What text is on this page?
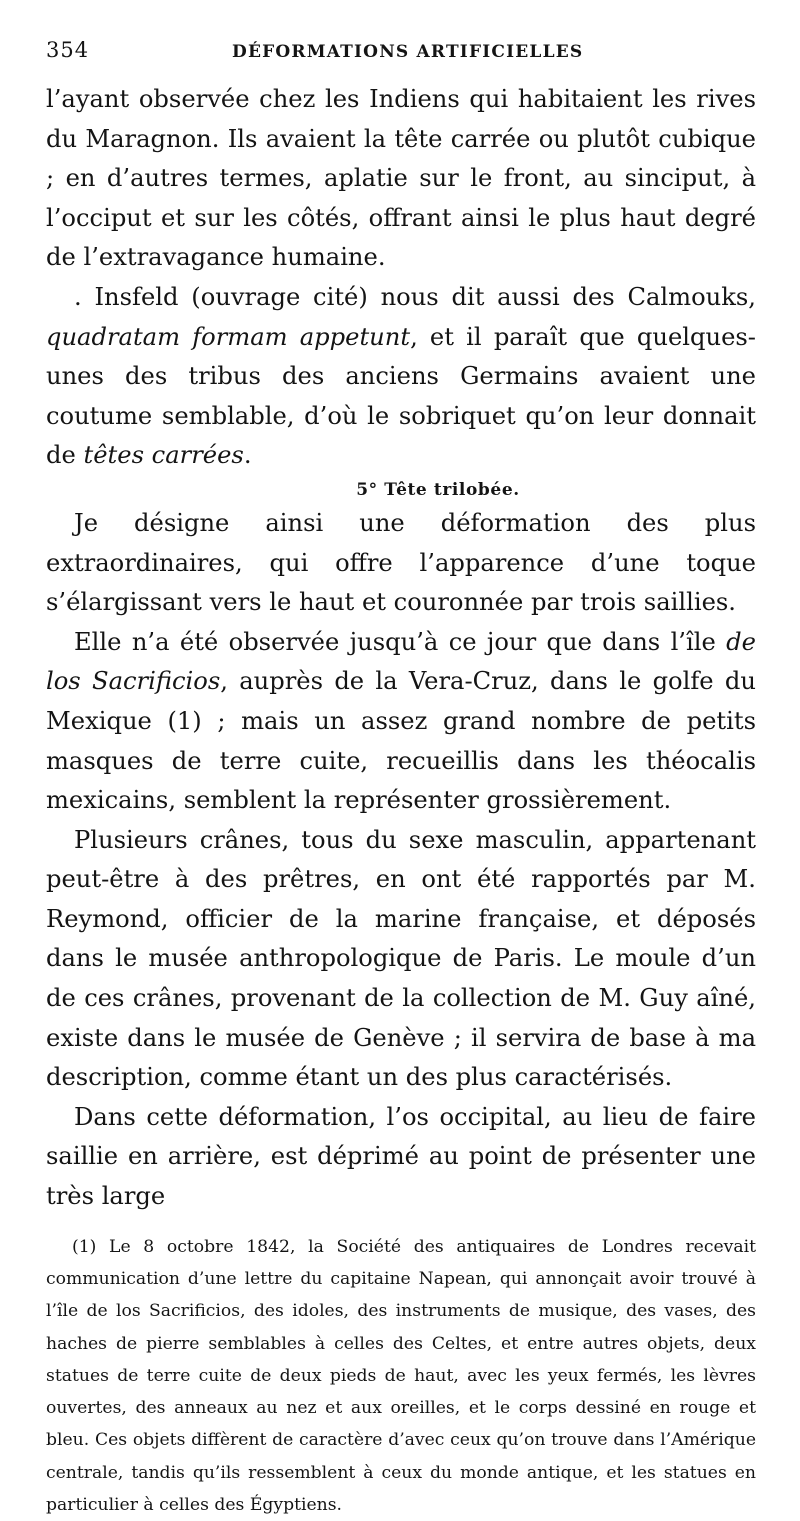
354	DÉFORMATIONS ARTIFICIELLES

l’ayant observée chez les Indiens qui habitaient les rives du Maragnon. Ils avaient la tête carrée ou plutôt cubique ; en d’autres termes, aplatie sur le front, au sinciput, à l’occiput et sur les côtés, offrant ainsi le plus haut degré de l’extravagance humaine.

. Insfeld (ouvrage cité) nous dit aussi des Calmouks, quadratam formam appetunt, et il paraît que quelques-unes des tribus des anciens Germains avaient une coutume semblable, d’où le sobriquet qu’on leur donnait de têtes carrées.

5° Tête trilobée.

Je désigne ainsi une déformation des plus extraordinaires, qui offre l’apparence d’une toque s’élargissant vers le haut et couronnée par trois saillies.

Elle n’a été observée jusqu’à ce jour que dans l’île de los Sacrificios, auprès de la Vera-Cruz, dans le golfe du Mexique (1) ; mais un assez grand nombre de petits masques de terre cuite, recueillis dans les théocalis mexicains, semblent la représenter grossièrement.

Plusieurs crânes, tous du sexe masculin, appartenant peut-être à des prêtres, en ont été rapportés par M. Reymond, officier de la marine française, et déposés dans le musée anthropologique de Paris. Le moule d’un de ces crânes, provenant de la collection de M. Guy aîné, existe dans le musée de Genève ; il servira de base à ma description, comme étant un des plus caractérisés.

Dans cette déformation, l’os occipital, au lieu de faire saillie en arrière, est déprimé au point de présenter une très large

(1) Le 8 octobre 1842, la Société des antiquaires de Londres recevait communication d’une lettre du capitaine Napean, qui annonçait avoir trouvé à l’île de los Sacrificios, des idoles, des instruments de musique, des vases, des haches de pierre semblables à celles des Celtes, et entre autres objets, deux statues de terre cuite de deux pieds de haut, avec les yeux fermés, les lèvres ouvertes, des anneaux au nez et aux oreilles, et le corps dessiné en rouge et bleu. Ces objets diffèrent de caractère d’avec ceux qu’on trouve dans l’Amérique centrale, tandis qu’ils ressemblent à ceux du monde antique, et les statues en particulier à celles des Égyptiens.
